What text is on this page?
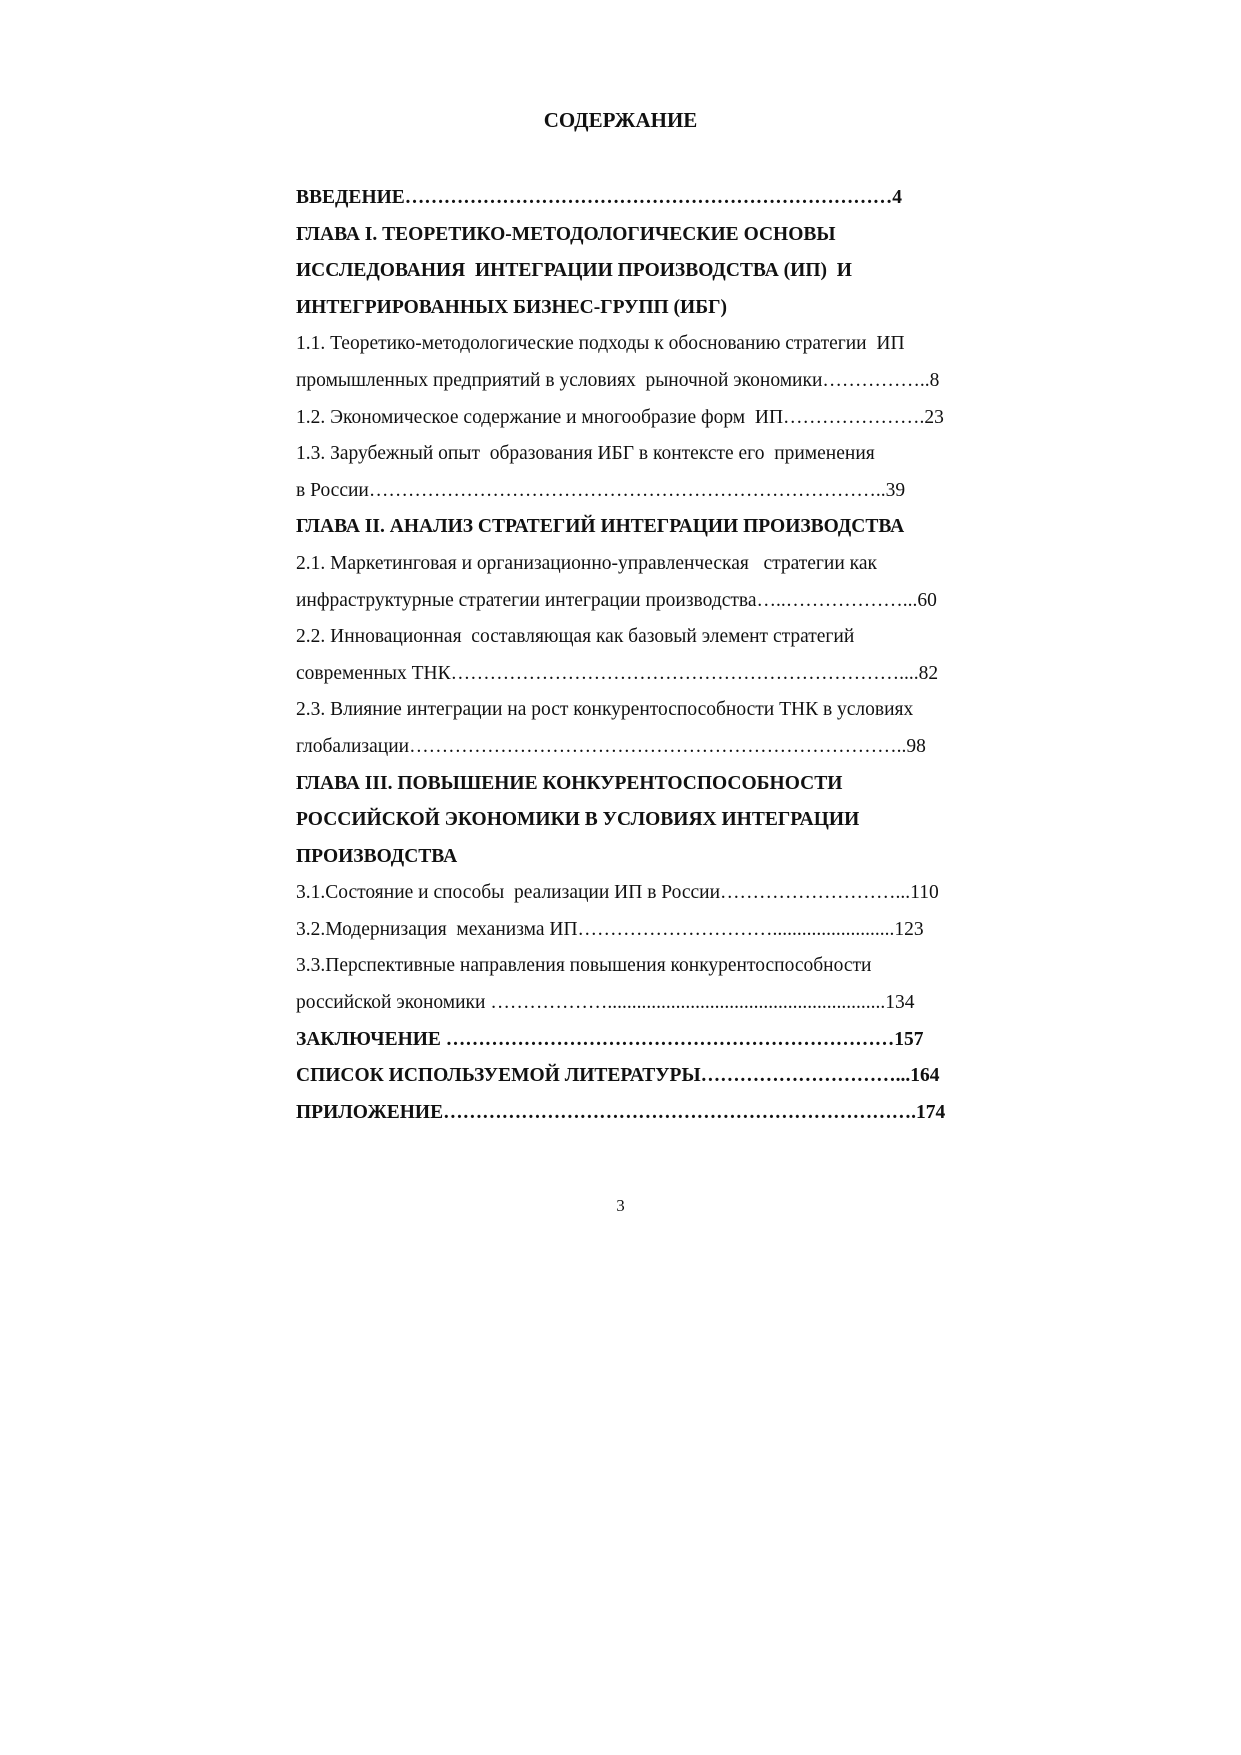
СОДЕРЖАНИЕ

ВВЕДЕНИЕ…………………………………………………………………4

ГЛАВА I. ТЕОРЕТИКО-МЕТОДОЛОГИЧЕСКИЕ ОСНОВЫ

ИССЛЕДОВАНИЯ  ИНТЕГРАЦИИ ПРОИЗВОДСТВА (ИП)  И

ИНТЕГРИРОВАННЫХ БИЗНЕС-ГРУПП (ИБГ)

1.1. Теоретико-методологические подходы к обоснованию стратегии  ИП

промышленных предприятий в условиях  рыночной экономики……………..8

1.2. Экономическое содержание и многообразие форм  ИП………………….23

1.3. Зарубежный опыт  образования ИБГ в контексте его  применения

в России……………………………………………………………………..39

ГЛАВА II. АНАЛИЗ СТРАТЕГИЙ ИНТЕГРАЦИИ ПРОИЗВОДСТВА

2.1. Маркетинговая и организационно-управленческая   стратегии как

инфраструктурные стратегии интеграции производства…..………………...60

2.2. Инновационная  составляющая как базовый элемент стратегий

современных ТНК……………………………………………………………....82

2.3. Влияние интеграции на рост конкурентоспособности ТНК в условиях

глобализации…………………………………………………………………..98

ГЛАВА III. ПОВЫШЕНИЕ КОНКУРЕНТОСПОСОБНОСТИ

РОССИЙСКОЙ ЭКОНОМИКИ В УСЛОВИЯХ ИНТЕГРАЦИИ

ПРОИЗВОДСТВА

3.1.Состояние и способы  реализации ИП в России………………………...110

3.2.Модернизация  механизма ИП………………………….........................123

3.3.Перспективные направления повышения конкурентоспособности

российской экономики ……………….........................................................134

ЗАКЛЮЧЕНИЕ ……………………………………………………………157

СПИСОК ИСПОЛЬЗУЕМОЙ ЛИТЕРАТУРЫ…………………………...164

ПРИЛОЖЕНИЕ……………………………………………………………….174

3
